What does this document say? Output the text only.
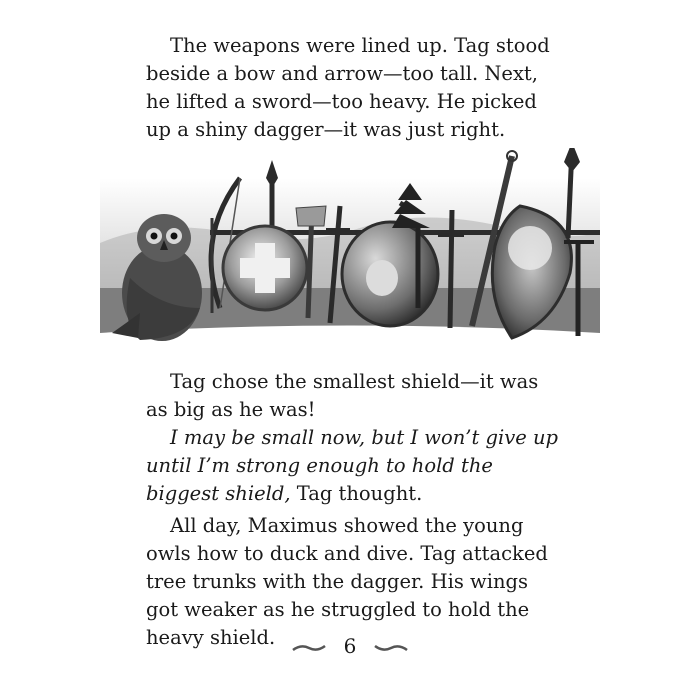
The weapons were lined up. Tag stood beside a bow and arrow—too tall. Next, he lifted a sword—too heavy. He picked up a shiny dagger—it was just right.

Tag chose the smallest shield—it was as big as he was!

I may be small now, but I won’t give up until I’m strong enough to hold the biggest shield, Tag thought.

All day, Maximus showed the young owls how to duck and dive. Tag attacked tree trunks with the dagger. His wings got weaker as he struggled to hold the heavy shield.	6
